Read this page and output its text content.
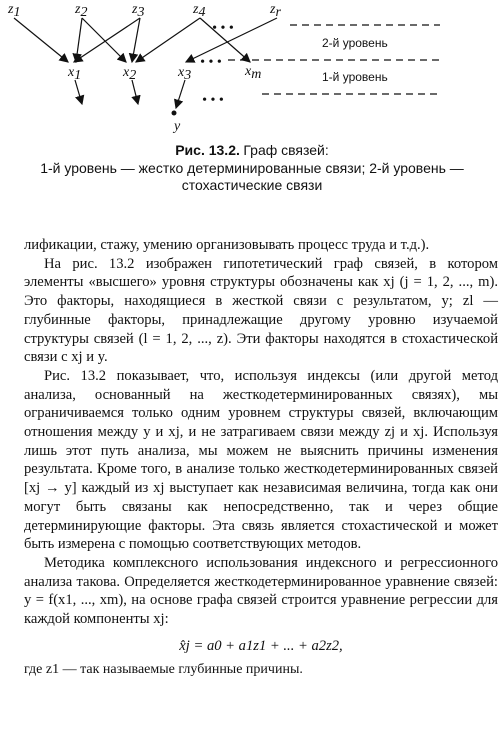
z1	z2	z3	z4	zr
• • •
x1	x2	x3	xm
• • •
y
• • •
2-й уровень
1-й уровень
Рис. 13.2. Граф связей:
1-й уровень — жестко детерминированные связи; 2-й уровень —
стохастические связи

лификации, стажу, умению организовывать процесс труда и т.д.).

На рис. 13.2 изображен гипотетический граф связей, в котором элементы «высшего» уровня структуры обозначены как xj (j = 1, 2, ..., m). Это факторы, находящиеся в жесткой связи с результатом, y; zl — глубинные факторы, принадлежащие другому уровню изучаемой структуры связей (l = 1, 2, ..., z). Эти факторы находятся в стохастической связи с xj и y.

Рис. 13.2 показывает, что, используя индексы (или другой метод анализа, основанный на жесткодетерминированных связях), мы ограничиваемся только одним уровнем структуры связей, включающим отношения между y и xj, и не затрагиваем связи между zj и xj. Используя лишь этот путь анализа, мы можем не выяснить причины изменения результата. Кроме того, в анализе только жесткодетерминированных связей [xj → y] каждый из xj выступает как независимая величина, тогда как они могут быть связаны как непосредственно, так и через общие детерминирующие факторы. Эта связь является стохастической и может быть измерена с помощью соответствующих методов.

Методика комплексного использования индексного и регрессионного анализа такова. Определяется жесткодетерминированное уравнение связей: y = f(x1, ..., xm), на основе графа связей строится уравнение регрессии для каждой компоненты xj:

x̂j = a0 + a1z1 + ... + a2z2,

где z1 — так называемые глубинные причины.
